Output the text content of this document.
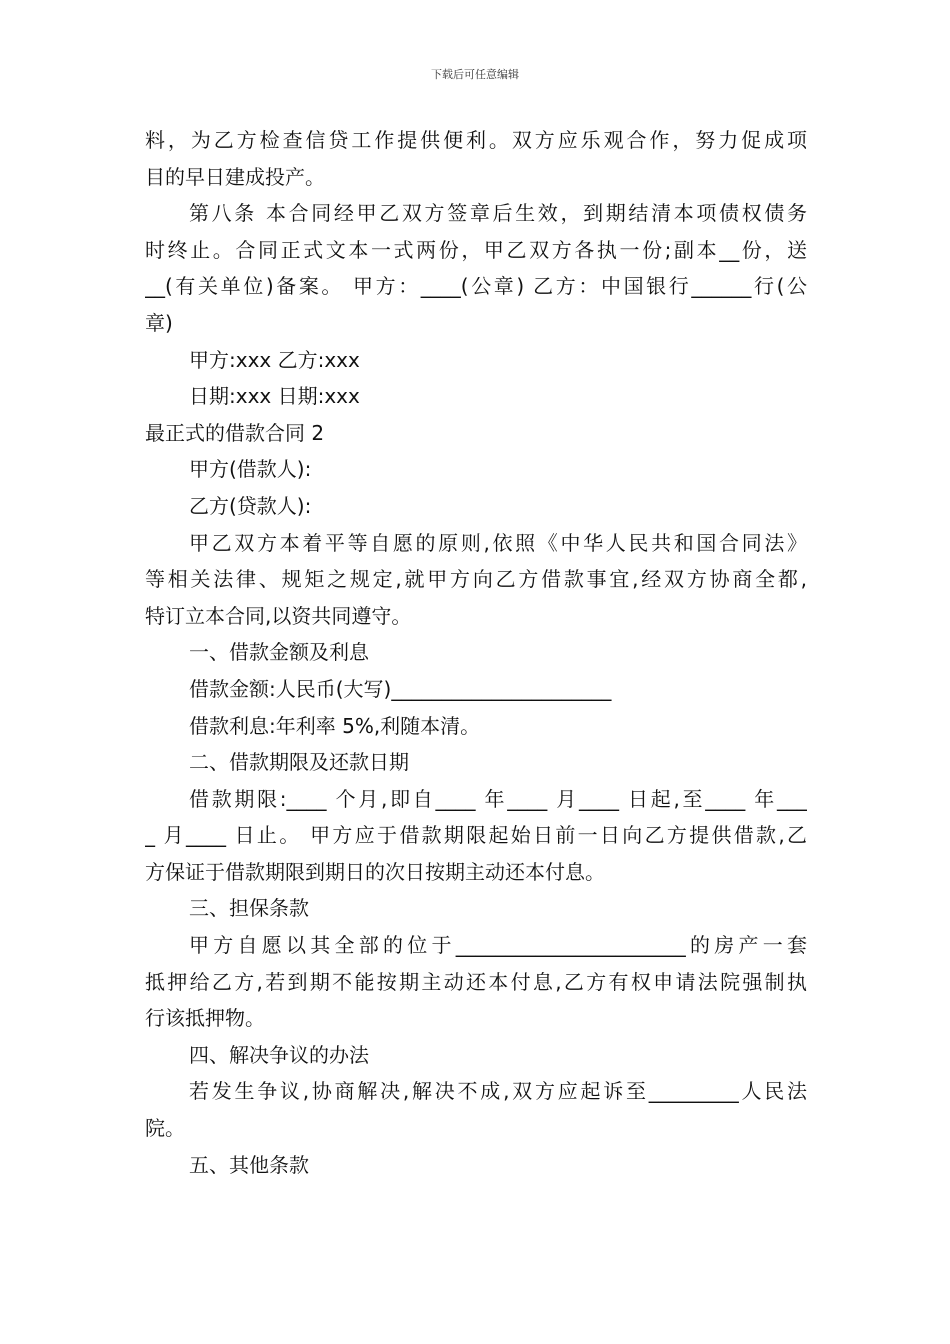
下载后可任意编辑
料，为乙方检查信贷工作提供便利。双方应乐观合作，努力促成项
目的早日建成投产。
第八条 本合同经甲乙双方签章后生效，到期结清本项债权债务
时终止。合同正式文本一式两份，甲乙双方各执一份;副本__份，送
__(有关单位)备案。 甲方：____(公章) 乙方：中国银行______行(公
章)
甲方:xxx 乙方:xxx
日期:xxx 日期:xxx
最正式的借款合同 2
甲方(借款人):
乙方(贷款人):
甲乙双方本着平等自愿的原则,依照《中华人民共和国合同法》
等相关法律、规矩之规定,就甲方向乙方借款事宜,经双方协商全都,
特订立本合同,以资共同遵守。
一、借款金额及利息
借款金额:人民币(大写)______________________
借款利息:年利率 5%,利随本清。
二、借款期限及还款日期
借款期限:____ 个月,即自____ 年____ 月____ 日起,至____ 年___
_ 月____ 日止。 甲方应于借款期限起始日前一日向乙方提供借款,乙
方保证于借款期限到期日的次日按期主动还本付息。
三、担保条款
甲方自愿以其全部的位于_______________________的房产一套
抵押给乙方,若到期不能按期主动还本付息,乙方有权申请法院强制执
行该抵押物。
四、解决争议的办法
若发生争议,协商解决,解决不成,双方应起诉至_________人民法
院。
五、其他条款
